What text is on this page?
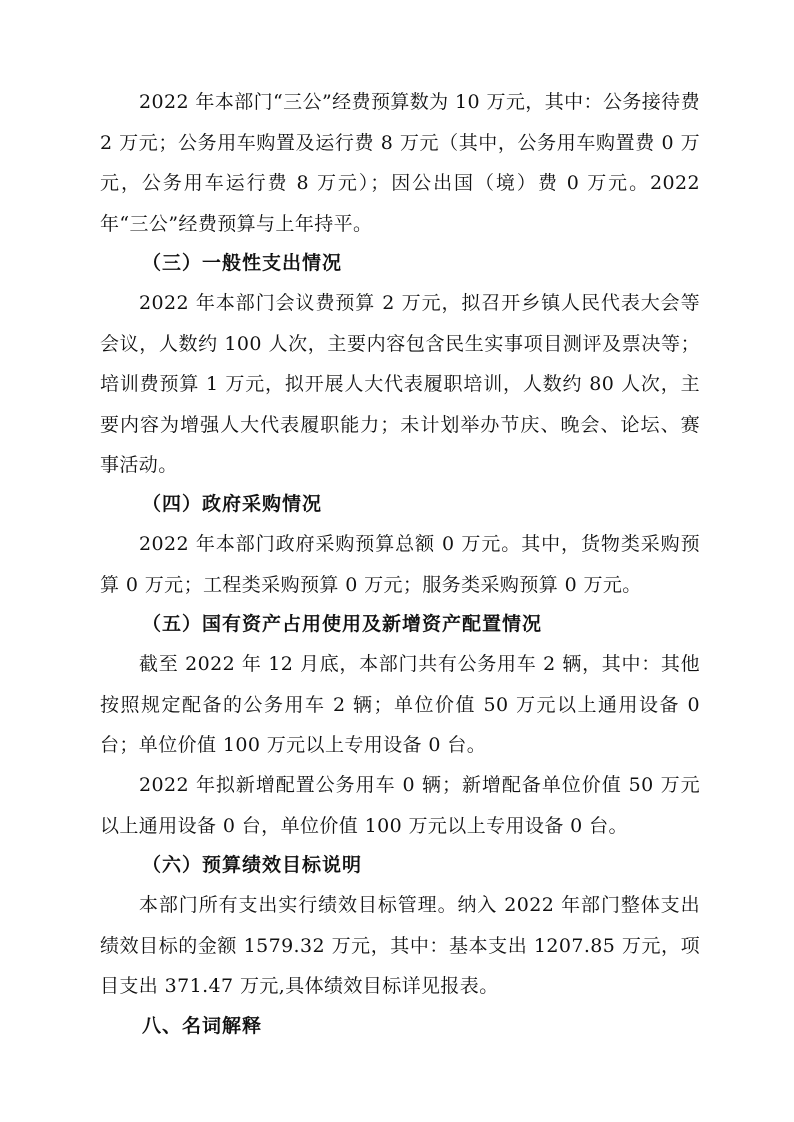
2022 年本部门“三公”经费预算数为 10 万元，其中：公务接待费 2 万元；公务用车购置及运行费 8 万元（其中，公务用车购置费 0 万元，公务用车运行费 8 万元）；因公出国（境）费 0 万元。2022 年“三公”经费预算与上年持平。

（三）一般性支出情况

2022 年本部门会议费预算 2 万元，拟召开乡镇人民代表大会等会议，人数约 100 人次，主要内容包含民生实事项目测评及票决等；培训费预算 1 万元，拟开展人大代表履职培训，人数约 80 人次，主要内容为增强人大代表履职能力；未计划举办节庆、晚会、论坛、赛事活动。

（四）政府采购情况

2022 年本部门政府采购预算总额 0 万元。其中，货物类采购预算 0 万元；工程类采购预算 0 万元；服务类采购预算 0 万元。

（五）国有资产占用使用及新增资产配置情况

截至 2022 年 12 月底，本部门共有公务用车 2 辆，其中：其他按照规定配备的公务用车 2 辆；单位价值 50 万元以上通用设备 0 台；单位价值 100 万元以上专用设备 0 台。

2022 年拟新增配置公务用车 0 辆；新增配备单位价值 50 万元以上通用设备 0 台，单位价值 100 万元以上专用设备 0 台。

（六）预算绩效目标说明

本部门所有支出实行绩效目标管理。纳入 2022 年部门整体支出绩效目标的金额 1579.32 万元，其中：基本支出 1207.85 万元，项目支出 371.47 万元,具体绩效目标详见报表。

八、名词解释
